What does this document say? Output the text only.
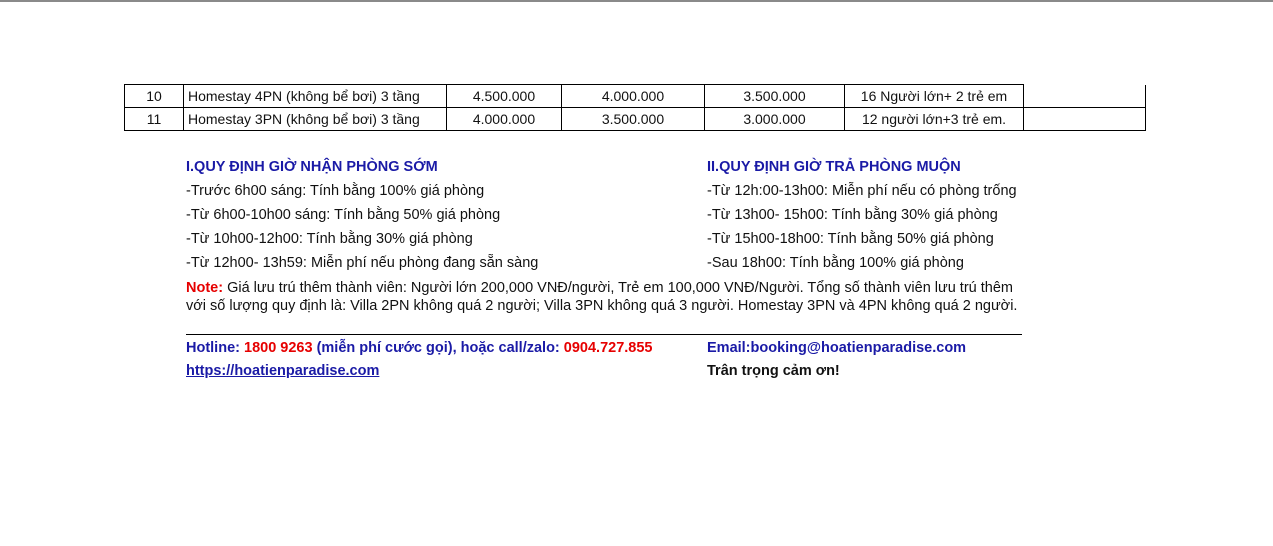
10	Homestay 4PN (không bể bơi) 3 tầng	4.500.000	4.000.000	3.500.000	16 Người lớn+ 2 trẻ em	
11	Homestay 3PN (không bể bơi) 3 tầng	4.000.000	3.500.000	3.000.000	12 người lớn+3 trẻ em.	
I.QUY ĐỊNH GIỜ NHẬN PHÒNG SỚM
-Trước 6h00 sáng: Tính bằng 100% giá phòng
-Từ 6h00-10h00 sáng: Tính bằng 50% giá phòng
-Từ 10h00-12h00: Tính bằng 30% giá phòng
-Từ 12h00- 13h59: Miễn phí nếu phòng đang sẵn sàng
II.QUY ĐỊNH GIỜ TRẢ PHÒNG MUỘN
-Từ 12h:00-13h00: Miễn phí nếu có phòng trống
-Từ 13h00- 15h00: Tính bằng 30% giá phòng
-Từ 15h00-18h00: Tính bằng 50% giá phòng
-Sau 18h00: Tính bằng 100% giá phòng
Note: Giá lưu trú thêm thành viên: Người lớn 200,000 VNĐ/người, Trẻ em 100,000 VNĐ/Người. Tổng số thành viên lưu trú thêm với số lượng quy định là: Villa 2PN không quá 2 người; Villa 3PN không quá 3 người. Homestay 3PN và 4PN không quá 2 người.
Hotline: 1800 9263 (miễn phí cước gọi), hoặc call/zalo: 0904.727.855	Email:booking@hoatienparadise.com
https://hoatienparadise.com	Trân trọng cảm ơn!
